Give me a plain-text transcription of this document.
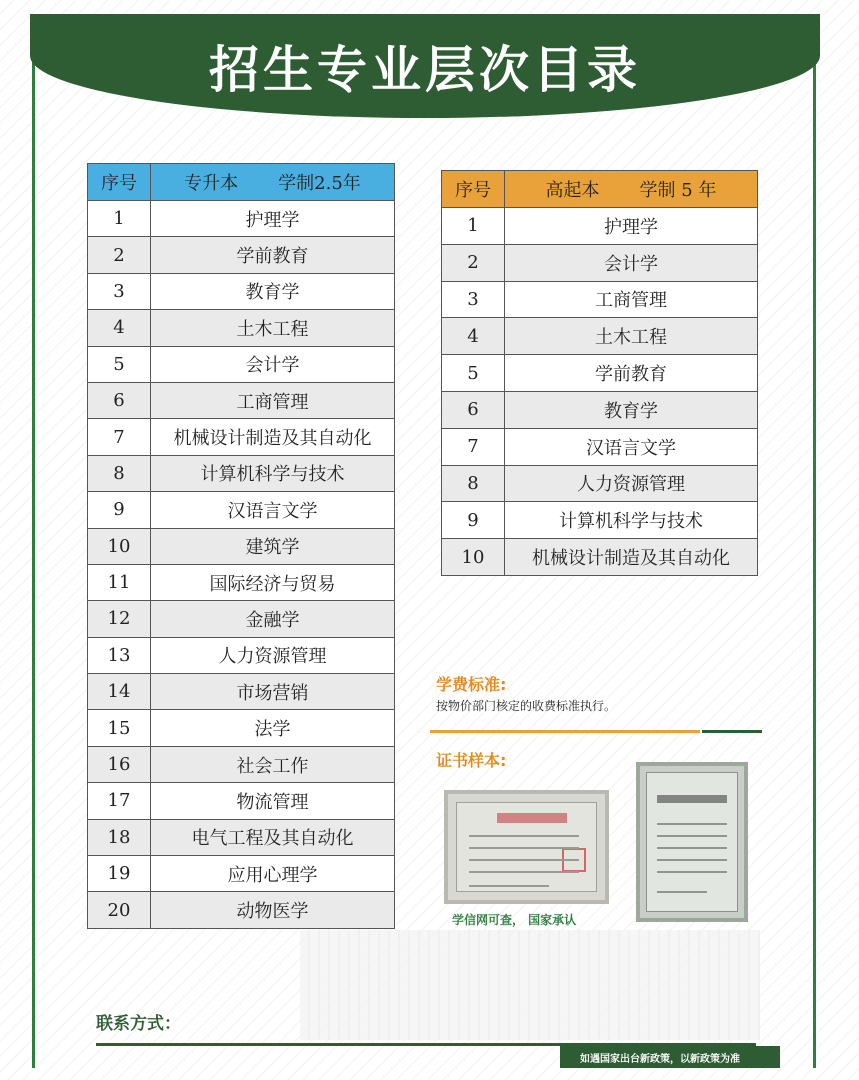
招生专业层次目录
序号	专升本 学制2.5年
1	护理学
2	学前教育
3	教育学
4	土木工程
5	会计学
6	工商管理
7	机械设计制造及其自动化
8	计算机科学与技术
9	汉语言文学
10	建筑学
11	国际经济与贸易
12	金融学
13	人力资源管理
14	市场营销
15	法学
16	社会工作
17	物流管理
18	电气工程及其自动化
19	应用心理学
20	动物医学
序号	高起本 学制 5 年
1	护理学
2	会计学
3	工商管理
4	土木工程
5	学前教育
6	教育学
7	汉语言文学
8	人力资源管理
9	计算机科学与技术
10	机械设计制造及其自动化
学费标准:
按物价部门核定的收费标准执行。
证书样本:
学信网可查， 国家承认
联系方式：
如遇国家出台新政策，以新政策为准
